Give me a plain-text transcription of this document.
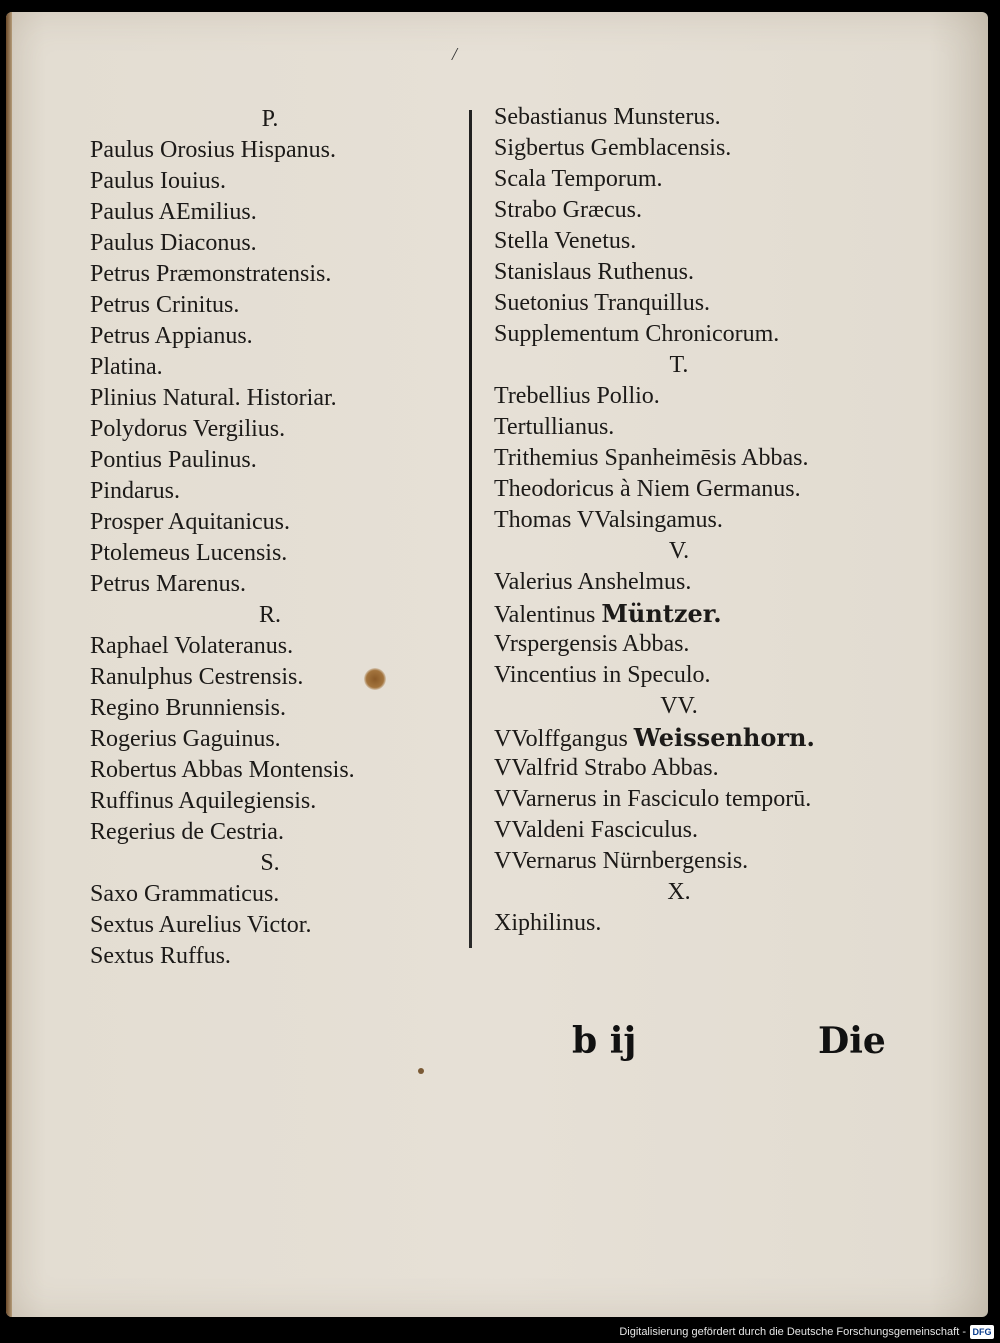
/
P.
Paulus Orosius Hispanus.
Paulus Iouius.
Paulus AEmilius.
Paulus Diaconus.
Petrus Præmonstratensis.
Petrus Crinitus.
Petrus Appianus.
Platina.
Plinius Natural. Historiar.
Polydorus Vergilius.
Pontius Paulinus.
Pindarus.
Prosper Aquitanicus.
Ptolemeus Lucensis.
Petrus Marenus.
R.
Raphael Volateranus.
Ranulphus Cestrensis.
Regino Brunniensis.
Rogerius Gaguinus.
Robertus Abbas Montensis.
Ruffinus Aquilegiensis.
Regerius de Cestria.
S.
Saxo Grammaticus.
Sextus Aurelius Victor.
Sextus Ruffus.
Sebastianus Munsterus.
Sigbertus Gemblacensis.
Scala Temporum.
Strabo Græcus.
Stella Venetus.
Stanislaus Ruthenus.
Suetonius Tranquillus.
Supplementum Chronicorum.
T.
Trebellius Pollio.
Tertullianus.
Trithemius Spanheimēsis Abbas.
Theodoricus à Niem Germanus.
Thomas VValsingamus.
V.
Valerius Anshelmus.
Valentinus Müntzer.
Vrspergensis Abbas.
Vincentius in Speculo.
VV.
VVolffgangus Weissenhorn.
VValfrid Strabo Abbas.
VVarnerus in Fasciculo temporū.
VValdeni Fasciculus.
VVernarus Nürnbergensis.
X.
Xiphilinus.
b ij	Die
Digitalisierung gefördert durch die Deutsche Forschungsgemeinschaft - DFG
